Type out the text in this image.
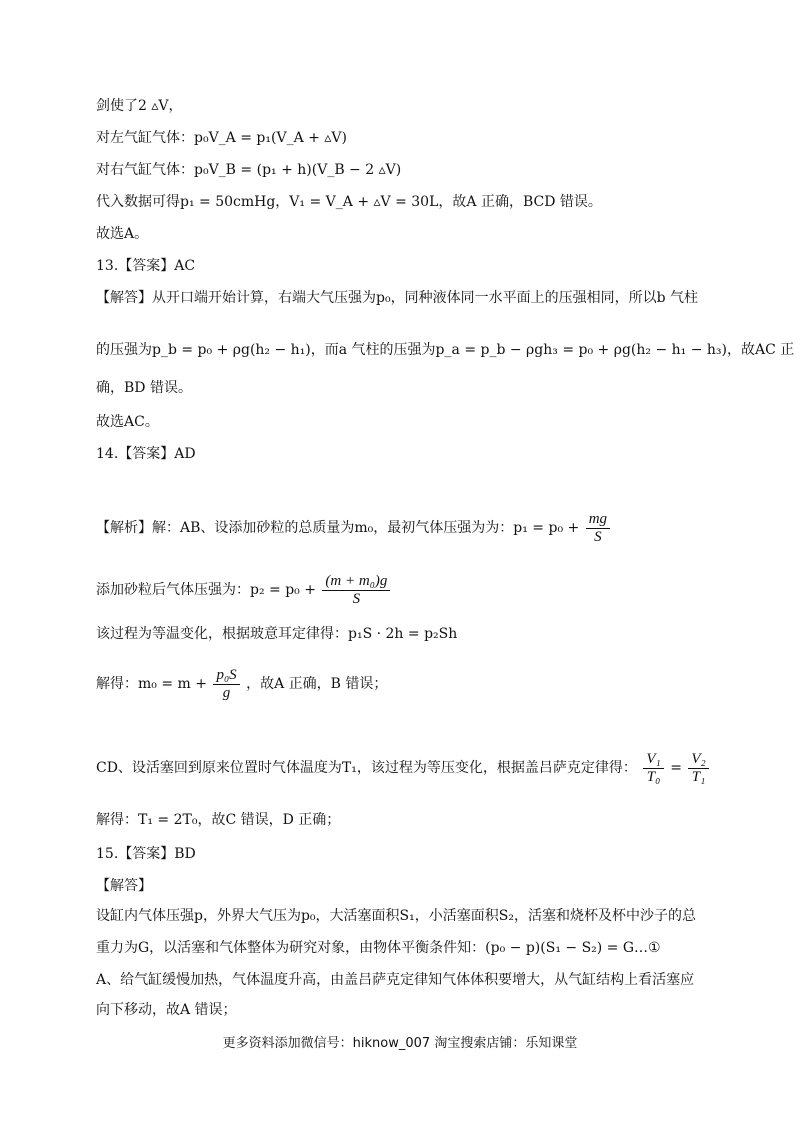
剑使了2 ▵V，
对左气缸气体：p₀V_A = p₁(V_A + ▵V)
对右气缸气体：p₀V_B = (p₁ + h)(V_B − 2 ▵V)
代入数据可得p₁ = 50cmHg，V₁ = V_A + ▵V = 30L，故A 正确，BCD 错误。
故选A。
13.【答案】AC
【解答】从开口端开始计算，右端大气压强为p₀，同种液体同一水平面上的压强相同，所以b 气柱
的压强为p_b = p₀ + ρg(h₂ − h₁)，而a 气柱的压强为p_a = p_b − ρgh₃ = p₀ + ρg(h₂ − h₁ − h₃)，故AC 正
确，BD 错误。
故选AC。
14.【答案】AD
【解析】解：AB、设添加砂粒的总质量为m₀，最初气体压强为为：$p_1 = p_0 + \frac{mg}{S}$
添加砂粒后气体压强为：$p_2 = p_0 + \frac{\text{(m + m₀)g}}{S}$
该过程为等温变化，根据玻意耳定律得：p₁S · 2h = p₂Sh
解得：$m_0 = m + \frac{\text{p₀S}}{g}$ ，故A 正确，B 错误；
CD、设活塞回到原来位置时气体温度为T₁，该过程为等压变化，根据盖吕萨克定律得： $\frac{\text{V₁}}{\text{T₀}} = \frac{\text{V₂}}{\text{T₁}}$
解得：T₁ = 2T₀，故C 错误，D 正确；
15.【答案】BD
【解答】
设缸内气体压强p，外界大气压为p₀，大活塞面积S₁，小活塞面积S₂，活塞和烧杯及杯中沙子的总
重力为G，以活塞和气体整体为研究对象，由物体平衡条件知：(p₀ − p)(S₁ − S₂) = G…①
A、给气缸缓慢加热，气体温度升高，由盖吕萨克定律知气体体积要增大，从气缸结构上看活塞应
向下移动，故A 错误；
更多资料添加微信号：hiknow_007 淘宝搜索店铺：乐知课堂
